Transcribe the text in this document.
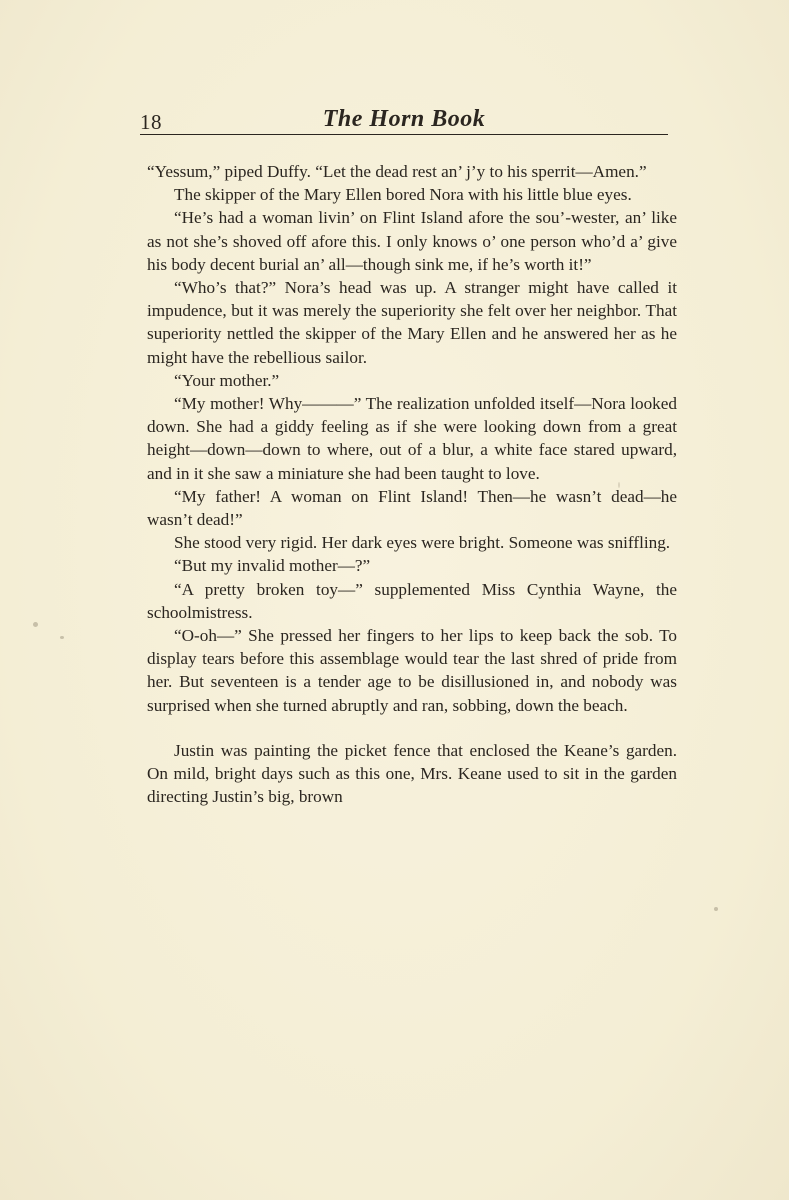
18	The Horn Book

“Yessum,” piped Duffy. “Let the dead rest an’ j’y to his sperrit—Amen.”

The skipper of the Mary Ellen bored Nora with his little blue eyes.

“He’s had a woman livin’ on Flint Island afore the sou’-wester, an’ like as not she’s shoved off afore this. I only knows o’ one person who’d a’ give his body decent burial an’ all—though sink me, if he’s worth it!”

“Who’s that?” Nora’s head was up. A stranger might have called it impudence, but it was merely the superiority she felt over her neighbor. That superiority nettled the skipper of the Mary Ellen and he answered her as he might have the rebellious sailor.

“Your mother.”

“My mother! Why———” The realization unfolded itself—Nora looked down. She had a giddy feeling as if she were looking down from a great height—down—down to where, out of a blur, a white face stared upward, and in it she saw a miniature she had been taught to love.

“My father! A woman on Flint Island! Then—he wasn’t dead—he wasn’t dead!”

She stood very rigid. Her dark eyes were bright. Someone was sniffling.

“But my invalid mother—?”

“A pretty broken toy—” supplemented Miss Cynthia Wayne, the schoolmistress.

“O-oh—” She pressed her fingers to her lips to keep back the sob. To display tears before this assemblage would tear the last shred of pride from her. But seventeen is a tender age to be disillusioned in, and nobody was surprised when she turned abruptly and ran, sobbing, down the beach.

Justin was painting the picket fence that enclosed the Keane’s garden. On mild, bright days such as this one, Mrs. Keane used to sit in the garden directing Justin’s big, brown
